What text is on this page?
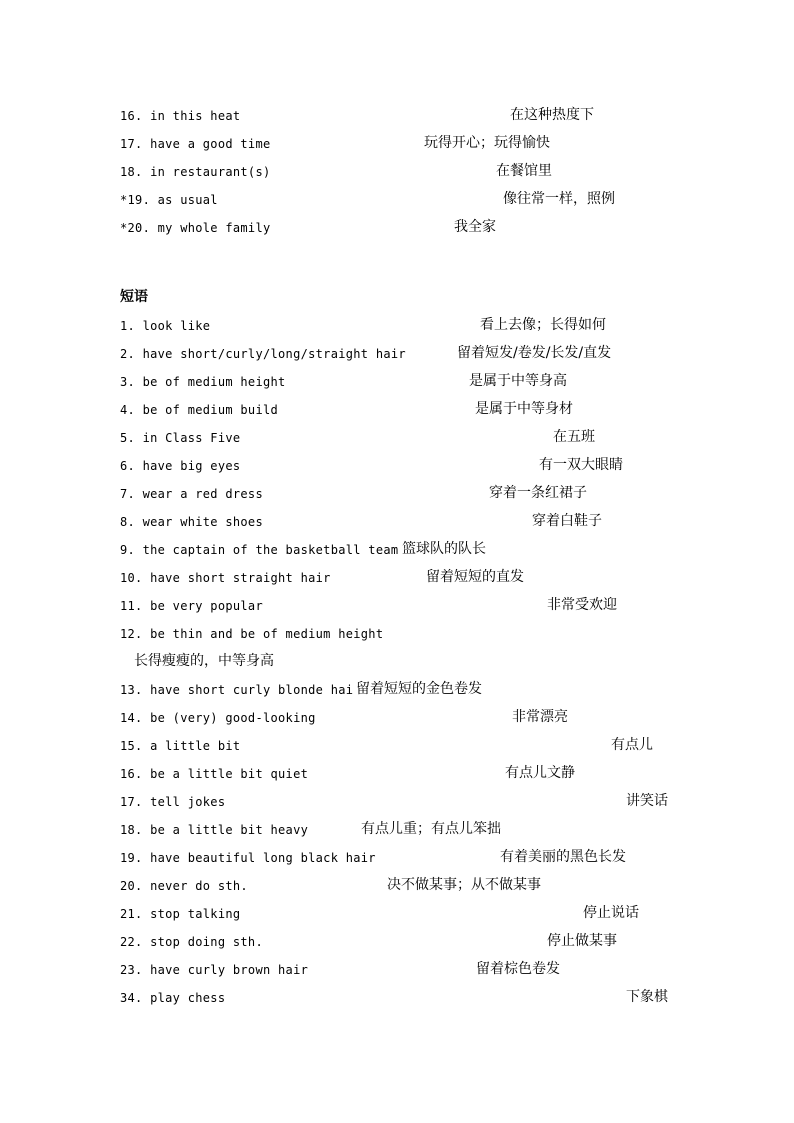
16. in this heat	在这种热度下
17. have a good time	玩得开心；玩得愉快
18. in restaurant(s)	在餐馆里
*19. as usual	像往常一样，照例
*20. my whole family	我全家
短语
1. look like	看上去像；长得如何
2. have short/curly/long/straight hair	留着短发/卷发/长发/直发
3. be of medium height	是属于中等身高
4. be of medium build	是属于中等身材
5. in Class Five	在五班
6. have big eyes	有一双大眼睛
7. wear a red dress	穿着一条红裙子
8. wear white shoes	穿着白鞋子
9. the captain of the basketball team 篮球队的队长
10. have short straight hair	留着短短的直发
11. be very popular	非常受欢迎
12. be thin and be of medium height
长得瘦瘦的，中等身高
13. have short curly blonde hai 留着短短的金色卷发
14. be (very) good-looking	非常漂亮
15. a little bit	有点儿
16. be a little bit quiet	有点儿文静
17. tell jokes	讲笑话
18. be a little bit heavy	有点儿重；有点儿笨拙
19. have beautiful long black hair	有着美丽的黑色长发
20. never do sth.	决不做某事；从不做某事
21. stop talking	停止说话
22. stop doing sth.	停止做某事
23. have curly brown hair	留着棕色卷发
34. play chess	下象棋
